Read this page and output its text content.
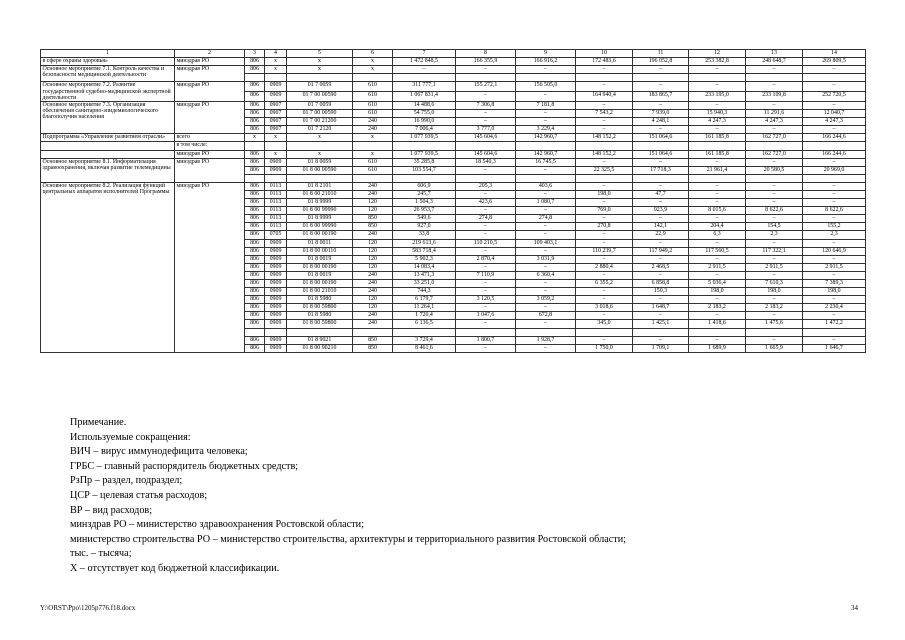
1	2	3	4	5	6	7	8	9	10	11	12	13	14
в сфере охраны здоровья»	минздрав РО	806	x	x	x	1 472 848,5	166 355,9	166 916,2	172 483,6	196 052,8	253 382,8	248 648,7	269 809,5
Основное мероприятие 7.1. Контроль качества и безопасности медицинской деятельности	минздрав РО	806	x	x	x	–	–	–	–	–	–	–	–

Основное мероприятие 7.2. Развитие государственной судебно-медицинской экспертной деятельности	минздрав РО	806	0909	01 7 0059	610	311 777,1	155 272,1	156 505,0	–	–	–	–	–
		806	0909	01 7 00 00590	610	1 067 831,4	–	–	164 940,4	183 865,7	233 195,0	233 109,8	252 720,5
Основное мероприятие 7.3. Организация обеспечения санитарно-эпидемиологического благополучия населения	минздрав РО	806	0907	01 7 0059	610	14 488,6	7 306,8	7 181,8	–	–	–	–	–
		806	0907	01 7 00 00590	610	54 755,0	–	–	7 543,2	7 939,0	15 940,3	11 291,6	12 040,7
		806	0907	01 7 00 21200	240	16 990,0	–	–	–	4 248,1	4 247,3	4 247,3	4 247,3
		806	0907	01 7 2120	240	7 006,4	3 777,0	3 229,4	–	–	–	–	–
Подпрограмма «Управление развитием отрасли»	всего	x	x	x	x	1 077 939,5	145 604,6	142 960,7	148 152,2	151 064,6	161 185,8	162 727,0	166 244,6
	в том числе:												
	минздрав РО	806	x	x	x	1 077 939,5	145 604,6	142 960,7	148 152,2	151 064,6	161 185,8	162 727,0	166 244,6
Основное мероприятие 8.1. Информатизация здравоохранения, включая развитие телемедицины	минздрав РО	806	0909	01 8 0059	610	35 285,8	18 540,3	16 745,5	–	–	–	–	–
		806	0909	01 8 00 00590	610	103 554,7	–	–	22 325,5	17 718,3	21 961,4	20 580,5	20 969,0

Основное мероприятие 8.2. Реализация функций центральных аппаратов исполнителей Программы	минздрав РО	806	0113	01 8 2101	240	606,9	205,3	403,6	–	–	–	–	–
		806	0113	01 8 00 21010	240	245,7	–	–	198,0	47,7	–	–	–
		806	0113	01 8 9999	120	1 504,3	423,6	1 080,7	–	–	–	–	–
		806	0113	01 8 00 99990	120	26 953,7	–	–	769,0	923,9	8 015,6	8 622,6	8 622,6
		806	0113	01 8 9999	850	549,6	274,8	274,8	–	–	–	–	–
		806	0113	01 8 00 99990	850	927,0	–	–	270,8	142,1	204,4	154,5	155,2
		806	0705	01 8 00 00190	240	33,8	–	–	–	22,9	6,3	2,3	2,3
		806	0909	01 8 0011	120	219 613,6	110 210,5	109 403,1	–	–	–	–	–
		806	0909	01 8 00 00110	120	583 718,4	–	–	110 239,7	117 949,2	117 560,5	117 322,1	120 646,9
		806	0909	01 8 0019	120	5 902,3	2 870,4	3 031,9	–	–	–	–	–
		806	0909	01 8 00 00190	120	14 083,4	–	–	2 880,4	2 468,5	2 911,5	2 911,5	2 911,5
		806	0909	01 8 0019	240	13 471,3	7 110,9	6 360,4	–	–	–	–	–
		806	0909	01 8 00 00190	240	33 251,0	–	–	6 355,2	6 858,8	5 036,4	7 610,3	7 389,3
		806	0909	01 8 00 21010	240	744,3	–	–	–	150,3	198,0	198,0	198,0
		806	0909	01 8 5980	120	6 179,7	3 120,5	3 059,2	–	–	–	–	–
		806	0909	01 8 00 59800	120	11 264,1	–	–	3 018,6	1 648,7	2 183,2	2 183,2	2 230,4
		806	0909	01 8 5980	240	1 720,4	1 047,6	672,8	–	–	–	–	–
		806	0909	01 8 00 59800	240	6 136,5	–	–	345,0	1 425,1	1 418,6	1 475,6	1 472,2

		806	0909	01 8 9021	850	3 729,4	1 800,7	1 928,7	–	–	–	–	–
		806	0909	01 8 00 90210	850	8 461,6	–	–	1 750,0	1 709,1	1 689,9	1 665,9	1 646,7
Примечание.
Используемые сокращения:
ВИЧ – вирус иммунодефицита человека;
ГРБС – главный распорядитель бюджетных средств;
РзПр – раздел, подраздел;
ЦСР – целевая статья расходов;
ВР – вид расходов;
минздрав РО – министерство здравоохранения Ростовской области;
министерство строительства РО – министерство строительства, архитектуры и территориального развития Ростовской области;
тыс. – тысяча;
Х – отсутствует код бюджетной классификации.
Y:\ORST\Ppo\1205p776.f18.docx	34
